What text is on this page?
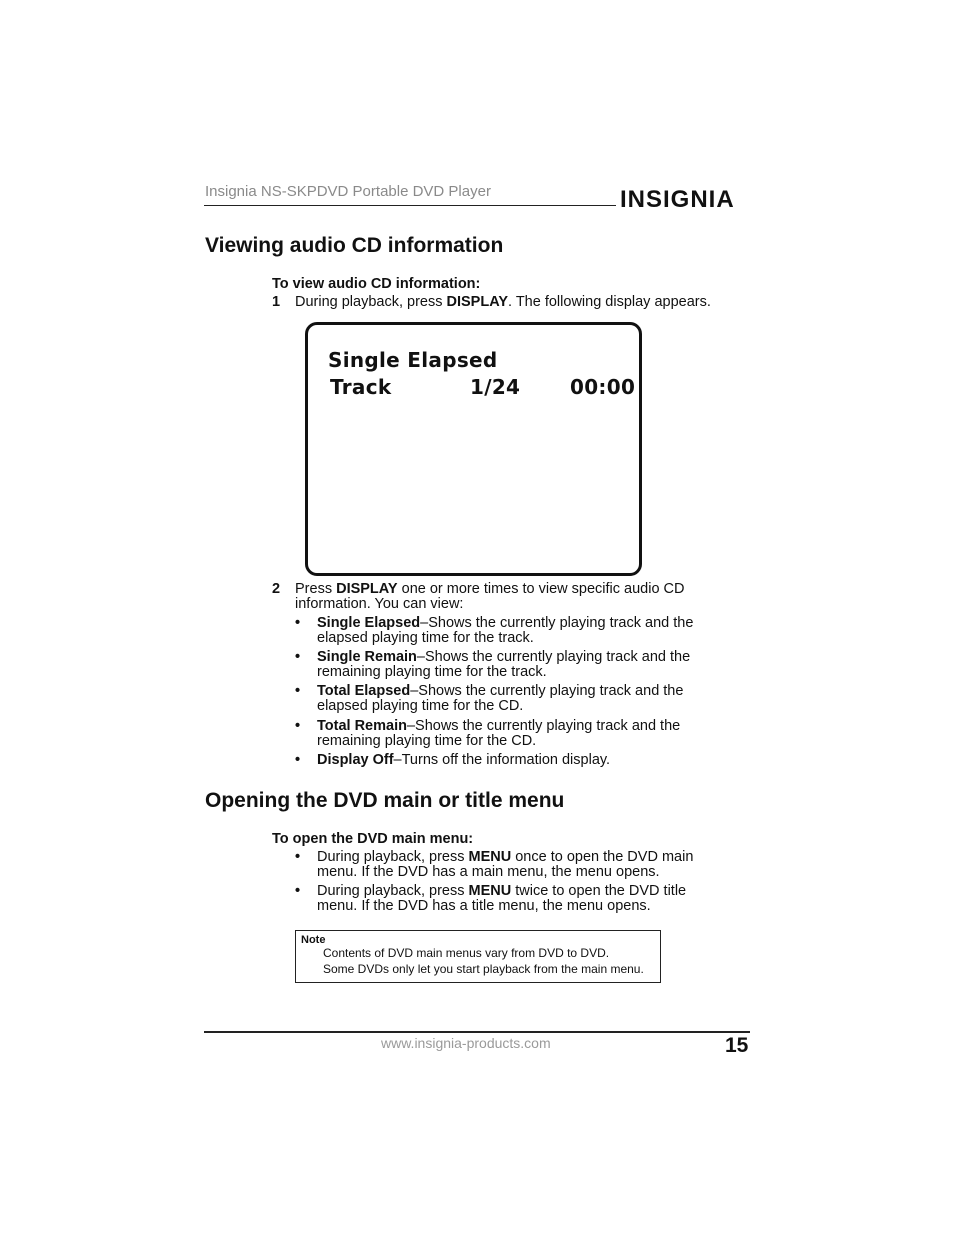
Insignia NS-SKPDVD Portable DVD Player	INSIGNIA
Viewing audio CD information
To view audio CD information:
1 During playback, press DISPLAY. The following display appears.
Single Elapsed
Track	1/24 00:00
2 Press DISPLAY one or more times to view specific audio CD information. You can view:
• Single Elapsed–Shows the currently playing track and the
elapsed playing time for the track.
• Single Remain–Shows the currently playing track and the
remaining playing time for the track.
• Total Elapsed–Shows the currently playing track and the
elapsed playing time for the CD.
• Total Remain–Shows the currently playing track and the
remaining playing time for the CD.
• Display Off–Turns off the information display.
Opening the DVD main or title menu
To open the DVD main menu:
• During playback, press MENU once to open the DVD main
menu. If the DVD has a main menu, the menu opens.
• During playback, press MENU twice to open the DVD title
menu. If the DVD has a title menu, the menu opens.
Note
Contents of DVD main menus vary from DVD to DVD.
Some DVDs only let you start playback from the main menu.
www.insignia-products.com	15
